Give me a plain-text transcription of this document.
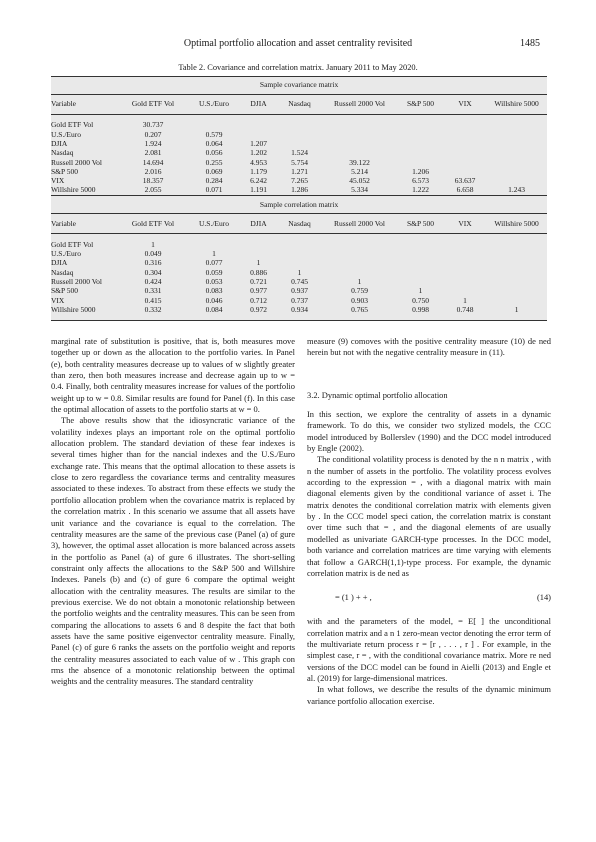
Optimal portfolio allocation and asset centrality revisited	1485
Table 2. Covariance and correlation matrix. January 2011 to May 2020.
Sample covariance matrix								
Variable	Gold ETF Vol	U.S./Euro	DJIA	Nasdaq	Russell 2000 Vol	S&P 500	VIX	Willshire 5000

Gold ETF Vol	30.737							
U.S./Euro	0.207	0.579						
DJIA	1.924	0.064	1.207					
Nasdaq	2.081	0.056	1.202	1.524				
Russell 2000 Vol	14.694	0.255	4.953	5.754	39.122			
S&P 500	2.016	0.069	1.179	1.271	5.214	1.206		
VIX	18.357	0.284	6.242	7.265	45.052	6.573	63.637	
Willshire 5000	2.055	0.071	1.191	1.286	5.334	1.222	6.658	1.243
Sample correlation matrix								
Variable	Gold ETF Vol	U.S./Euro	DJIA	Nasdaq	Russell 2000 Vol	S&P 500	VIX	Willshire 5000

Gold ETF Vol	1							
U.S./Euro	0.049	1						
DJIA	0.316	0.077	1					
Nasdaq	0.304	0.059	0.886	1				
Russell 2000 Vol	0.424	0.053	0.721	0.745	1			
S&P 500	0.331	0.083	0.977	0.937	0.759	1		
VIX	0.415	0.046	0.712	0.737	0.903	0.750	1	
Willshire 5000	0.332	0.084	0.972	0.934	0.765	0.998	0.748	1

marginal rate of substitution is positive, that is, both measures move together up or down as the allocation to the portfolio varies. In Panel (e), both centrality measures decrease up to values of w slightly greater than zero, then both measures increase and decrease again up to w = 0.4. Finally, both centrality measures increase for values of the portfolio weight up to w = 0.8. Similar results are found for Panel (f). In this case the optimal allocation of assets to the portfolio starts at w = 0.

The above results show that the idiosyncratic variance of the volatility indexes plays an important role on the optimal portfolio allocation problem. The standard deviation of these fear indexes is several times higher than for the nancial indexes and the U.S./Euro exchange rate. This means that the optimal allocation to these assets is close to zero regardless the covariance terms and centrality measures associated to these indexes. To abstract from these effects we study the portfolio allocation problem when the covariance matrix is replaced by the correlation matrix . In this scenario we assume that all assets have unit variance and the covariance is equal to the correlation. The centrality measures are the same of the previous case (Panel (a) of gure 3), however, the optimal asset allocation is more balanced across assets in the portfolio as Panel (a) of gure 6 illustrates. The short-selling constraint only affects the allocations to the S&P 500 and Willshire Indexes. Panels (b) and (c) of gure 6 compare the optimal weight allocation with the centrality measures. The results are similar to the previous exercise. We do not obtain a monotonic relationship between the portfolio weights and the centrality measures. This can be seen from comparing the allocations to assets 6 and 8 despite the fact that both assets have the same positive eigenvector centrality measure. Finally, Panel (c) of gure 6 ranks the assets on the portfolio weight and reports the centrality measures associated to each value of w . This graph con rms the absence of a monotonic relationship between the optimal weights and the centrality measures. The standard centrality

measure (9) comoves with the positive centrality measure (10) de ned herein but not with the negative centrality measure in (11).

3.2. Dynamic optimal portfolio allocation

In this section, we explore the centrality of assets in a dynamic framework. To do this, we consider two stylized models, the CCC model introduced by Bollerslev (1990) and the DCC model introduced by Engle (2002).

The conditional volatility process is denoted by the n n matrix , with n the number of assets in the portfolio. The volatility process evolves according to the expression = , with a diagonal matrix with main diagonal elements given by the conditional variance of asset i. The matrix denotes the conditional correlation matrix with elements given by . In the CCC model speci cation, the correlation matrix is constant over time such that = , and the diagonal elements of are usually modelled as univariate GARCH-type processes. In the DCC model, both variance and correlation matrices are time varying with elements that follow a GARCH(1,1)-type process. For example, the dynamic correlation matrix is de ned as

= (1 ) + + ,	(14)

with and the parameters of the model, = E[ ] the unconditional correlation matrix and a n 1 zero-mean vector denoting the error term of the multivariate return process r = [r , . . . , r ] . For example, in the simplest case, r = , with the conditional covariance matrix. More re ned versions of the DCC model can be found in Aielli (2013) and Engle et al. (2019) for large-dimensional matrices.

In what follows, we describe the results of the dynamic minimum variance portfolio allocation exercise.
